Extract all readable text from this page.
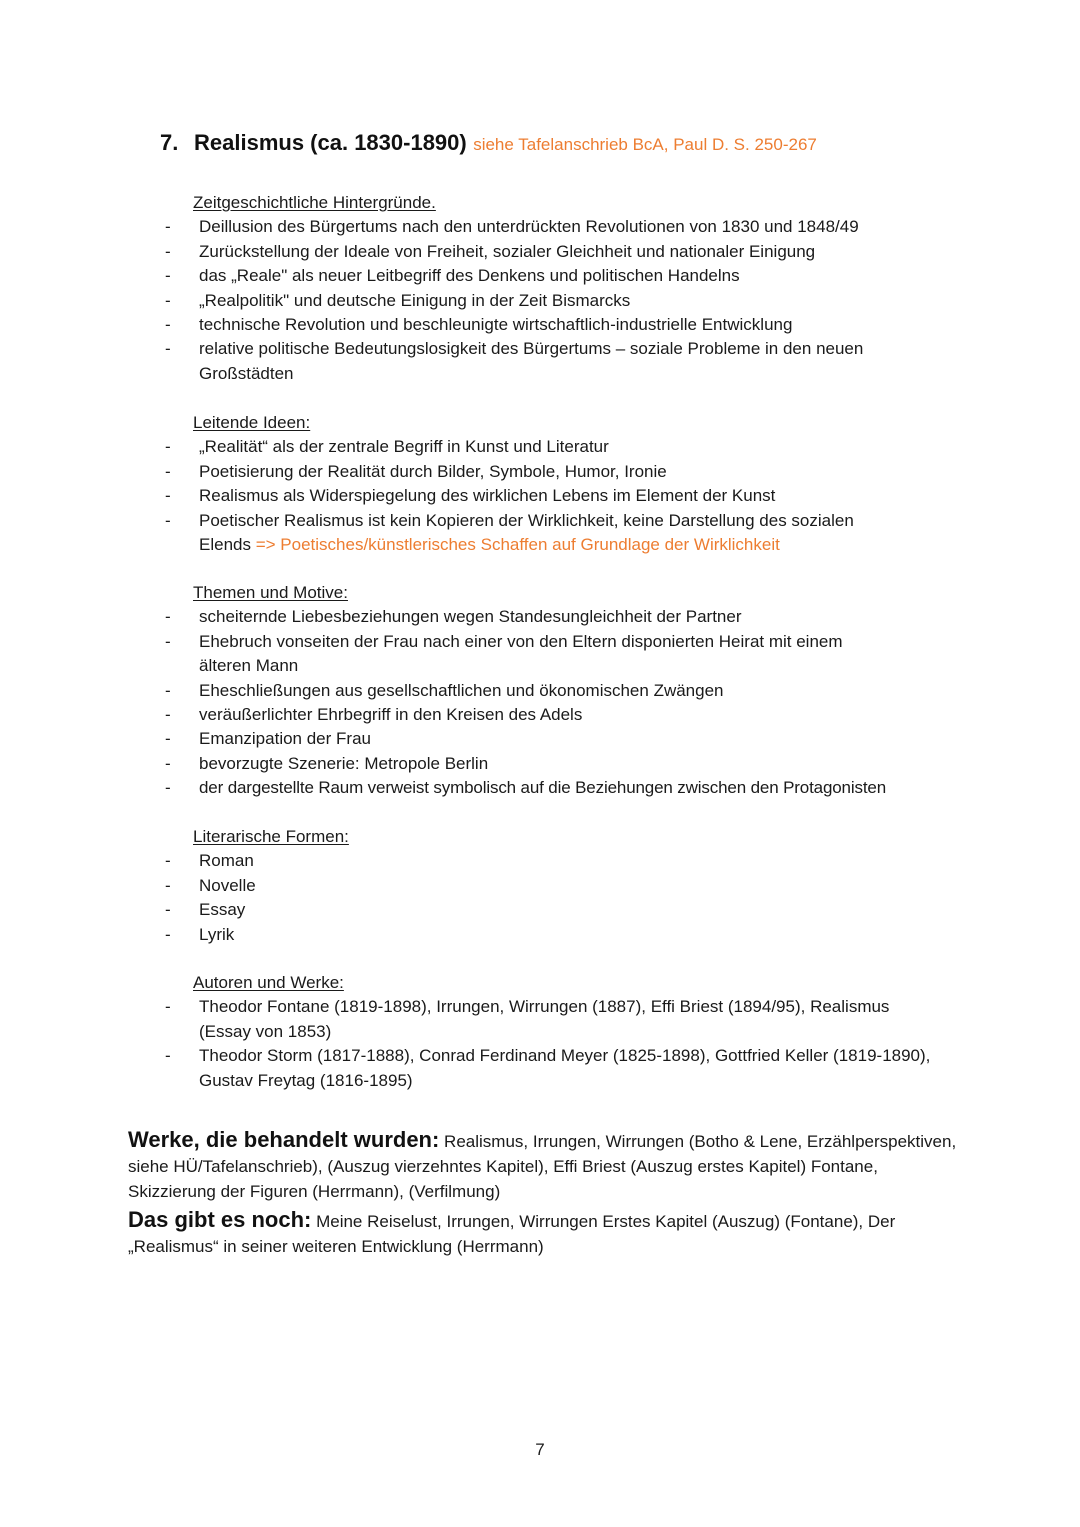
7. Realismus (ca. 1830-1890) siehe Tafelanschrieb BcA, Paul D. S. 250-267
Zeitgeschichtliche Hintergründe.
- Deillusion des Bürgertums nach den unterdrückten Revolutionen von 1830 und 1848/49
- Zurückstellung der Ideale von Freiheit, sozialer Gleichheit und nationaler Einigung
- das „Reale" als neuer Leitbegriff des Denkens und politischen Handelns
- „Realpolitik" und deutsche Einigung in der Zeit Bismarcks
- technische Revolution und beschleunigte wirtschaftlich-industrielle Entwicklung
- relative politische Bedeutungslosigkeit des Bürgertums – soziale Probleme in den neuen Großstädten
Leitende Ideen:
- „Realität“ als der zentrale Begriff in Kunst und Literatur
- Poetisierung der Realität durch Bilder, Symbole, Humor, Ironie
- Realismus als Widerspiegelung des wirklichen Lebens im Element der Kunst
- Poetischer Realismus ist kein Kopieren der Wirklichkeit, keine Darstellung des sozialen Elends => Poetisches/künstlerisches Schaffen auf Grundlage der Wirklichkeit
Themen und Motive:
- scheiternde Liebesbeziehungen wegen Standesungleichheit der Partner
- Ehebruch vonseiten der Frau nach einer von den Eltern disponierten Heirat mit einem älteren Mann
- Eheschließungen aus gesellschaftlichen und ökonomischen Zwängen
- veräußerlichter Ehrbegriff in den Kreisen des Adels
- Emanzipation der Frau
- bevorzugte Szenerie: Metropole Berlin
- der dargestellte Raum verweist symbolisch auf die Beziehungen zwischen den Protagonisten
Literarische Formen:
- Roman
- Novelle
- Essay
- Lyrik
Autoren und Werke:
- Theodor Fontane (1819-1898), Irrungen, Wirrungen (1887), Effi Briest (1894/95), Realismus (Essay von 1853)
- Theodor Storm (1817-1888), Conrad Ferdinand Meyer (1825-1898), Gottfried Keller (1819-1890), Gustav Freytag (1816-1895)
Werke, die behandelt wurden: Realismus, Irrungen, Wirrungen (Botho & Lene, Erzählperspektiven, siehe HÜ/Tafelanschrieb), (Auszug vierzehntes Kapitel), Effi Briest (Auszug erstes Kapitel) Fontane, Skizzierung der Figuren (Herrmann), (Verfilmung)
Das gibt es noch: Meine Reiselust, Irrungen, Wirrungen Erstes Kapitel (Auszug) (Fontane), Der „Realismus“ in seiner weiteren Entwicklung (Herrmann)
7
